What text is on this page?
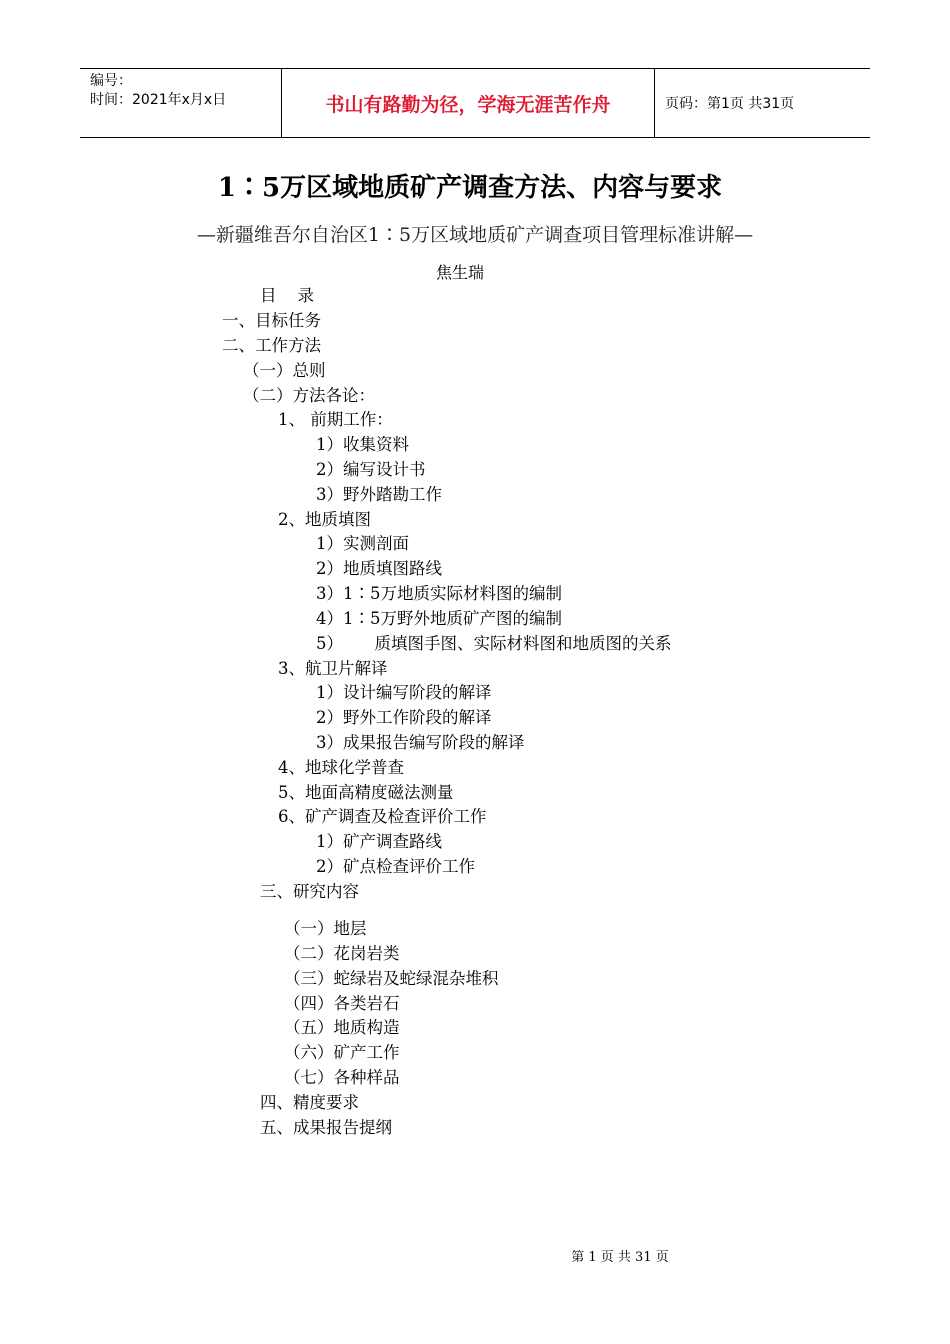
编号：
时间：2021年x月x日	书山有路勤为径，学海无涯苦作舟	页码：第1页 共31页
1∶5万区域地质矿产调查方法、内容与要求
—新疆维吾尔自治区1∶5万区域地质矿产调查项目管理标准讲解—
焦生瑞
目    录
一、目标任务
二、工作方法
（一）总则
（二）方法各论：
1、 前期工作：
1）收集资料
2）编写设计书
3）野外踏勘工作
2、地质填图
1）实测剖面
2）地质填图路线
3）1∶5万地质实际材料图的编制
4）1∶5万野外地质矿产图的编制
5）      质填图手图、实际材料图和地质图的关系
3、航卫片解译
1）设计编写阶段的解译
2）野外工作阶段的解译
3）成果报告编写阶段的解译
4、地球化学普查
5、地面高精度磁法测量
6、矿产调查及检查评价工作
1）矿产调查路线
2）矿点检查评价工作
三、研究内容
（一）地层
（二）花岗岩类
（三）蛇绿岩及蛇绿混杂堆积
（四）各类岩石
（五）地质构造
（六）矿产工作
（七）各种样品
四、精度要求
五、成果报告提纲
第 1 页 共 31 页
